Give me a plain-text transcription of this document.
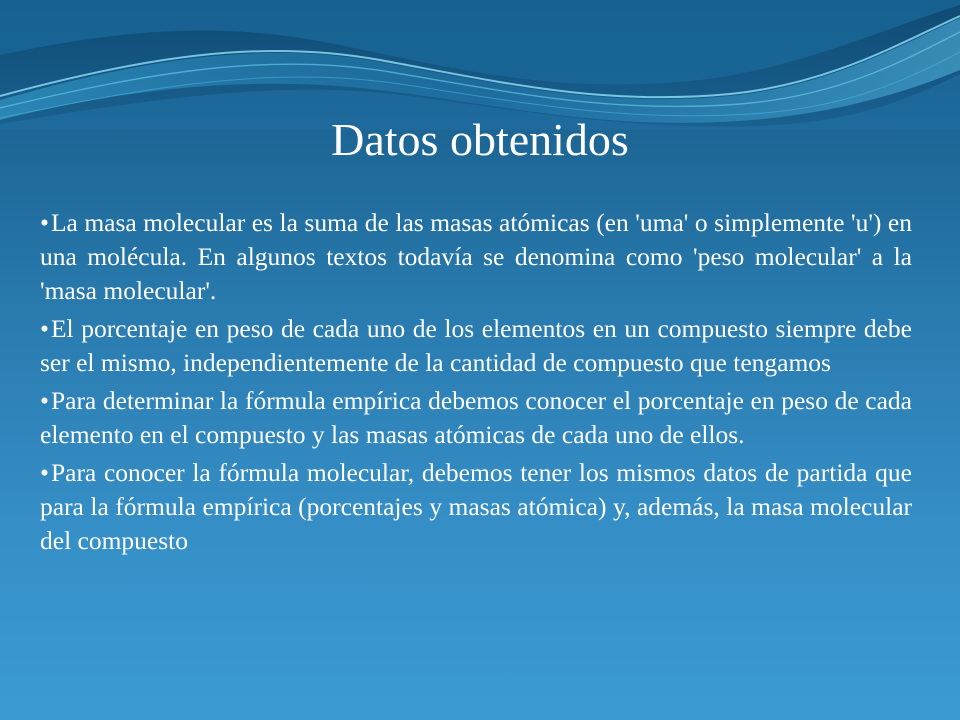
Datos obtenidos
•La masa molecular es la suma de las masas atómicas (en 'uma' o simplemente 'u') en una molécula. En algunos textos todavía se denomina como 'peso molecular' a la 'masa molecular'.
•El porcentaje en peso de cada uno de los elementos en un compuesto siempre debe ser el mismo, independientemente de la cantidad de compuesto que tengamos
•Para determinar la fórmula empírica debemos conocer el porcentaje en peso de cada elemento en el compuesto y las masas atómicas de cada uno de ellos.
•Para conocer la fórmula molecular, debemos tener los mismos datos de partida que para la fórmula empírica (porcentajes y masas atómica) y, además, la masa molecular del compuesto
